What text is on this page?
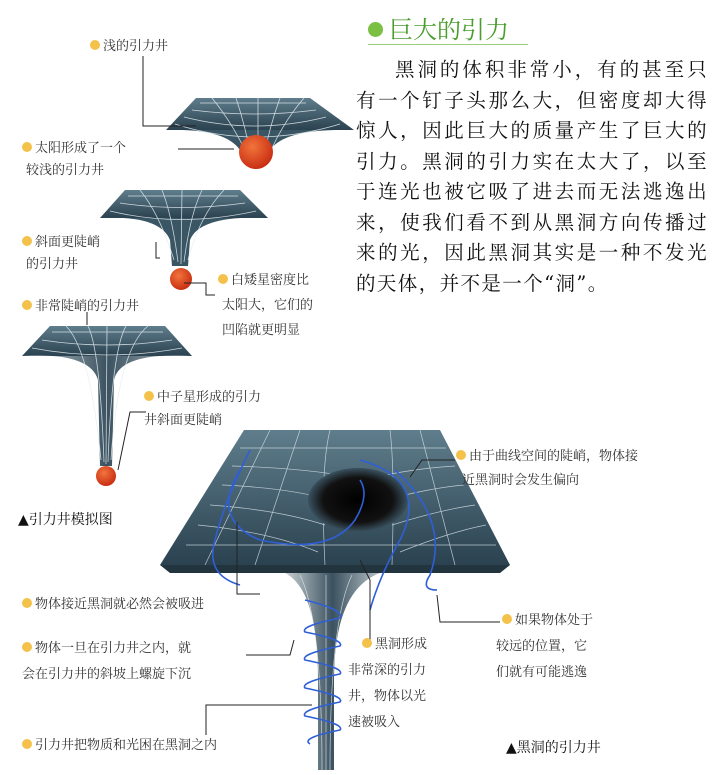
巨大的引力
黑洞的体积非常小，有的甚至只有一个钉子头那么大，但密度却大得惊人，因此巨大的质量产生了巨大的引力。黑洞的引力实在太大了，以至于连光也被它吸了进去而无法逃逸出来，使我们看不到从黑洞方向传播过来的光，因此黑洞其实是一种不发光的天体，并不是一个“洞”。
浅的引力井
太阳形成了一个
较浅的引力井
斜面更陡峭
的引力井
白矮星密度比
太阳大，它们的
凹陷就更明显
非常陡峭的引力井
中子星形成的引力
井斜面更陡峭
▲引力井模拟图
由于曲线空间的陡峭，物体接
近黑洞时会发生偏向
物体接近黑洞就必然会被吸进
物体一旦在引力井之内，就
会在引力井的斜坡上螺旋下沉
引力井把物质和光困在黑洞之内
黑洞形成
非常深的引力
井，物体以光
速被吸入
如果物体处于
较远的位置，它
们就有可能逃逸
▲黑洞的引力井
